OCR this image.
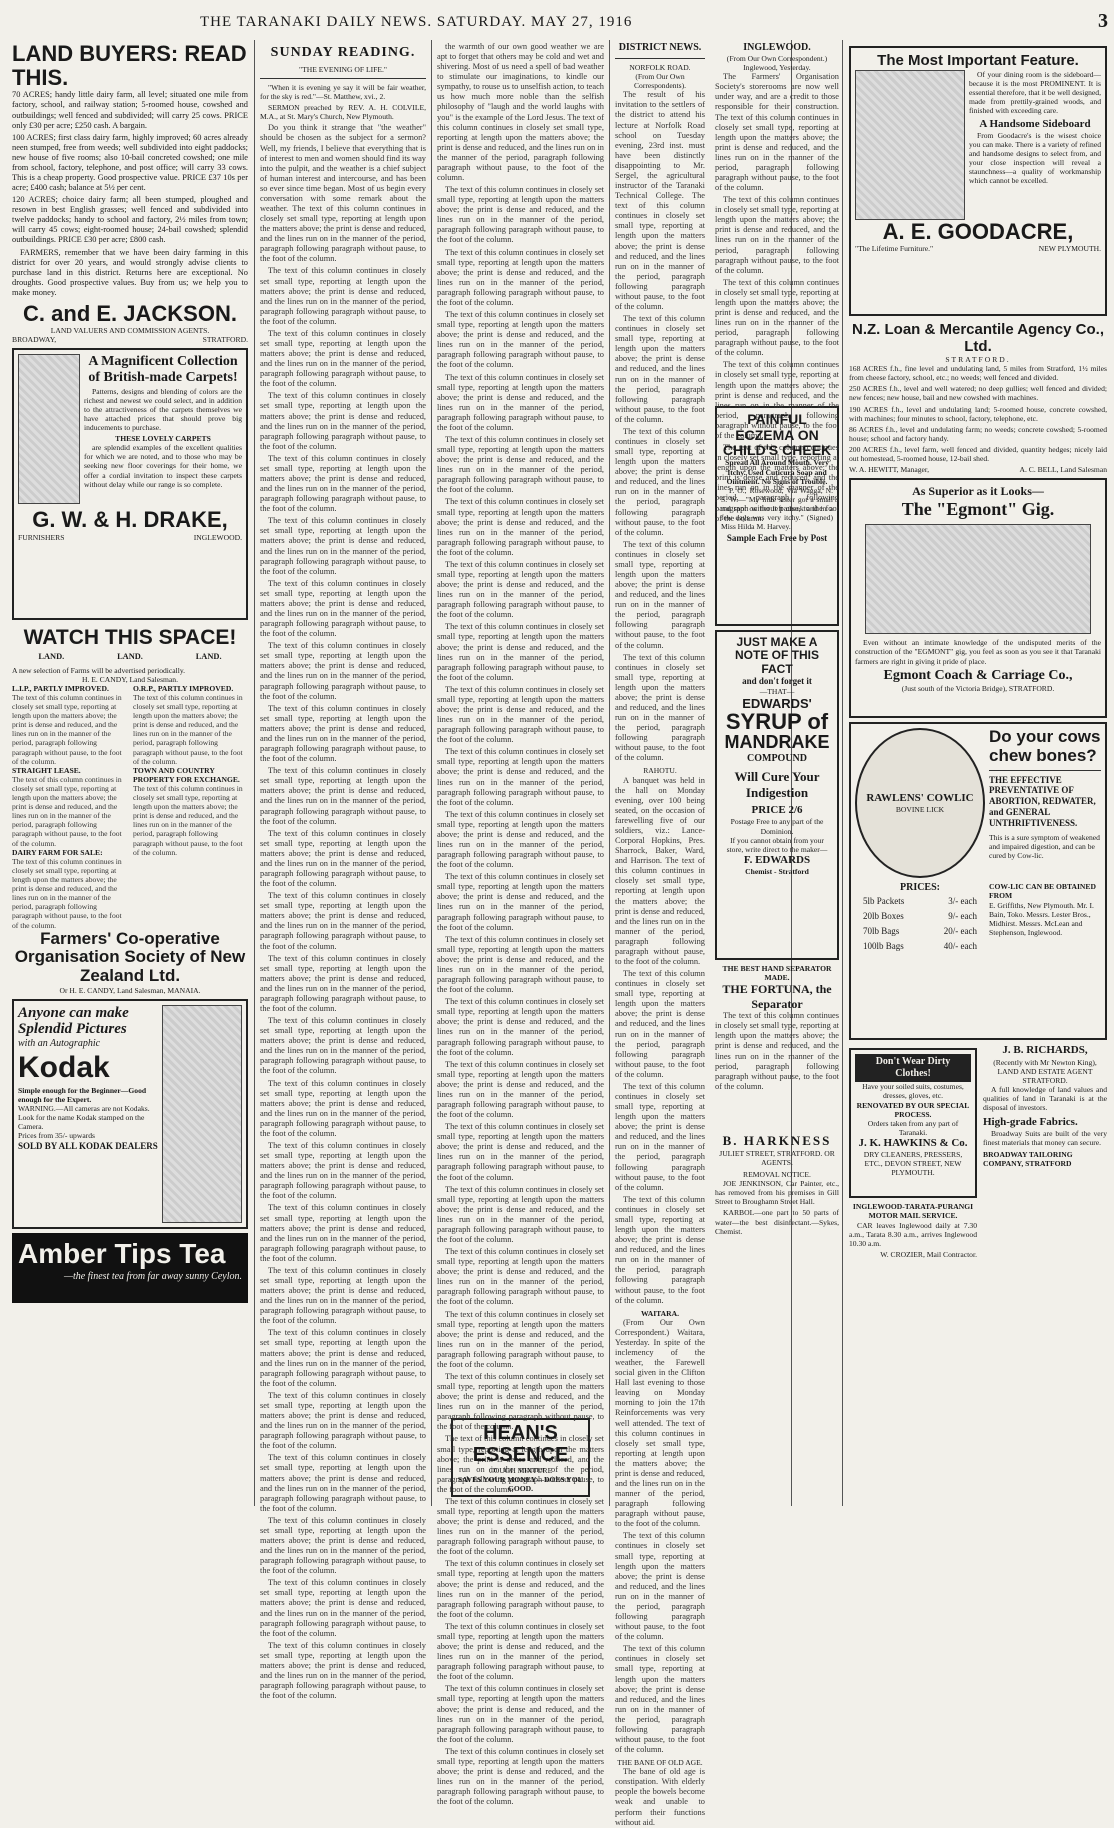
THE TARANAKI DAILY NEWS. SATURDAY. MAY 27, 1916	3
LAND BUYERS: READ THIS.
70 ACRES; handy little dairy farm, all level; situated one mile from factory, school, and railway station; 5-roomed house, cowshed and outbuildings; well fenced and subdivided; will carry 25 cows. PRICE only £30 per acre; £250 cash. A bargain.
100 ACRES; first class dairy farm, highly improved; 60 acres already neen stumped, free from weeds; well subdivided into eight paddocks; new house of five rooms; also 10-bail concreted cowshed; one mile from school, factory, telephone, and post office; will carry 33 cows. This is a cheap property. Good prospective value. PRICE £37 10s per acre; £400 cash; balance at 5½ per cent.
120 ACRES; choice dairy farm; all been stumped, ploughed and resown in best English grasses; well fenced and subdivided into twelve paddocks; handy to school and factory, 2½ miles from town; will carry 45 cows; eight-roomed house; 24-bail cowshed; splendid outbuildings. PRICE £30 per acre; £800 cash.
FARMERS, remember that we have been dairy farming in this district for over 20 years, and would strongly advise clients to purchase land in this district. Returns here are exceptional. No droughts. Good prospective values. Buy from us; we help you to make money.
C. and E. JACKSON.
LAND VALUERS AND COMMISSION AGENTS.
BROADWAY,	STRATFORD.
A Magnificent Collection of British-made Carpets!
Patterns, designs and blending of colors are the richest and newest we could select, and in addition to the attractiveness of the carpets themselves we have attached prices that should prove big inducements to purchase.
THESE LOVELY CARPETS
are splendid examples of the excellent qualities for which we are noted, and to those who may be seeking new floor coverings for their home, we offer a cordial invitation to inspect these carpets without delay while our range is so complete.
G. W. & H. DRAKE,
FURNISHERS	INGLEWOOD.
WATCH THIS SPACE!
LAND.	LAND.	LAND.
A new selection of Farms will be advertised periodically.
H. E. CANDY, Land Salesman.
L.I.P., PARTLY IMPROVED.
The text of this column continues in closely set small type, reporting at length upon the matters above; the print is dense and reduced, and the lines run on in the manner of the period, paragraph following paragraph without pause, to the foot of the column.
STRAIGHT LEASE.
The text of this column continues in closely set small type, reporting at length upon the matters above; the print is dense and reduced, and the lines run on in the manner of the period, paragraph following paragraph without pause, to the foot of the column.
DAIRY FARM FOR SALE:
The text of this column continues in closely set small type, reporting at length upon the matters above; the print is dense and reduced, and the lines run on in the manner of the period, paragraph following paragraph without pause, to the foot of the column.
O.R.P., PARTLY IMPROVED.
The text of this column continues in closely set small type, reporting at length upon the matters above; the print is dense and reduced, and the lines run on in the manner of the period, paragraph following paragraph without pause, to the foot of the column.
TOWN AND COUNTRY PROPERTY FOR EXCHANGE.
The text of this column continues in closely set small type, reporting at length upon the matters above; the print is dense and reduced, and the lines run on in the manner of the period, paragraph following paragraph without pause, to the foot of the column.
Farmers' Co-operative Organisation Society of New Zealand Ltd.
Or H. E. CANDY, Land Salesman, MANAIA.
Anyone can make Splendid Pictures
with an Autographic
Kodak
Simple enough for the Beginner—Good enough for the Expert.
WARNING.—All cameras are not Kodaks. Look for the name Kodak stamped on the Camera.
Prices from 35/- upwards
SOLD BY ALL KODAK DEALERS
Amber Tips Tea
—the finest tea from far away sunny Ceylon.
SUNDAY READING.
"THE EVENING OF LIFE."
"When it is evening ye say it will be fair weather, for the sky is red."—St. Matthew, xvi., 2.
SERMON preached by REV. A. H. COLVILE, M.A., at St. Mary's Church, New Plymouth.
Do you think it strange that "the weather" should be chosen as the subject for a sermon? Well, my friends, I believe that everything that is of interest to men and women should find its way into the pulpit, and the weather is a chief subject of human interest and intercourse, and has been so ever since time began. Most of us begin every conversation with some remark about the weather. The text of this column continues in closely set small type, reporting at length upon the matters above; the print is dense and reduced, and the lines run on in the manner of the period, paragraph following paragraph without pause, to the foot of the column.
The text of this column continues in closely set small type, reporting at length upon the matters above; the print is dense and reduced, and the lines run on in the manner of the period, paragraph following paragraph without pause, to the foot of the column.
The text of this column continues in closely set small type, reporting at length upon the matters above; the print is dense and reduced, and the lines run on in the manner of the period, paragraph following paragraph without pause, to the foot of the column.
The text of this column continues in closely set small type, reporting at length upon the matters above; the print is dense and reduced, and the lines run on in the manner of the period, paragraph following paragraph without pause, to the foot of the column.
The text of this column continues in closely set small type, reporting at length upon the matters above; the print is dense and reduced, and the lines run on in the manner of the period, paragraph following paragraph without pause, to the foot of the column.
The text of this column continues in closely set small type, reporting at length upon the matters above; the print is dense and reduced, and the lines run on in the manner of the period, paragraph following paragraph without pause, to the foot of the column.
The text of this column continues in closely set small type, reporting at length upon the matters above; the print is dense and reduced, and the lines run on in the manner of the period, paragraph following paragraph without pause, to the foot of the column.
The text of this column continues in closely set small type, reporting at length upon the matters above; the print is dense and reduced, and the lines run on in the manner of the period, paragraph following paragraph without pause, to the foot of the column.
The text of this column continues in closely set small type, reporting at length upon the matters above; the print is dense and reduced, and the lines run on in the manner of the period, paragraph following paragraph without pause, to the foot of the column.
The text of this column continues in closely set small type, reporting at length upon the matters above; the print is dense and reduced, and the lines run on in the manner of the period, paragraph following paragraph without pause, to the foot of the column.
The text of this column continues in closely set small type, reporting at length upon the matters above; the print is dense and reduced, and the lines run on in the manner of the period, paragraph following paragraph without pause, to the foot of the column.
The text of this column continues in closely set small type, reporting at length upon the matters above; the print is dense and reduced, and the lines run on in the manner of the period, paragraph following paragraph without pause, to the foot of the column.
The text of this column continues in closely set small type, reporting at length upon the matters above; the print is dense and reduced, and the lines run on in the manner of the period, paragraph following paragraph without pause, to the foot of the column.
The text of this column continues in closely set small type, reporting at length upon the matters above; the print is dense and reduced, and the lines run on in the manner of the period, paragraph following paragraph without pause, to the foot of the column.
The text of this column continues in closely set small type, reporting at length upon the matters above; the print is dense and reduced, and the lines run on in the manner of the period, paragraph following paragraph without pause, to the foot of the column.
The text of this column continues in closely set small type, reporting at length upon the matters above; the print is dense and reduced, and the lines run on in the manner of the period, paragraph following paragraph without pause, to the foot of the column.
The text of this column continues in closely set small type, reporting at length upon the matters above; the print is dense and reduced, and the lines run on in the manner of the period, paragraph following paragraph without pause, to the foot of the column.
The text of this column continues in closely set small type, reporting at length upon the matters above; the print is dense and reduced, and the lines run on in the manner of the period, paragraph following paragraph without pause, to the foot of the column.
The text of this column continues in closely set small type, reporting at length upon the matters above; the print is dense and reduced, and the lines run on in the manner of the period, paragraph following paragraph without pause, to the foot of the column.
The text of this column continues in closely set small type, reporting at length upon the matters above; the print is dense and reduced, and the lines run on in the manner of the period, paragraph following paragraph without pause, to the foot of the column.
The text of this column continues in closely set small type, reporting at length upon the matters above; the print is dense and reduced, and the lines run on in the manner of the period, paragraph following paragraph without pause, to the foot of the column.
The text of this column continues in closely set small type, reporting at length upon the matters above; the print is dense and reduced, and the lines run on in the manner of the period, paragraph following paragraph without pause, to the foot of the column.
The text of this column continues in closely set small type, reporting at length upon the matters above; the print is dense and reduced, and the lines run on in the manner of the period, paragraph following paragraph without pause, to the foot of the column.
The text of this column continues in closely set small type, reporting at length upon the matters above; the print is dense and reduced, and the lines run on in the manner of the period, paragraph following paragraph without pause, to the foot of the column.
the warmth of our own good weather we are apt to forget that others may be cold and wet and shivering. Most of us need a spell of bad weather to stimulate our imaginations, to kindle our sympathy, to rouse us to unselfish action, to teach us how much more noble than the selfish philosophy of "laugh and the world laughs with you" is the example of the Lord Jesus. The text of this column continues in closely set small type, reporting at length upon the matters above; the print is dense and reduced, and the lines run on in the manner of the period, paragraph following paragraph without pause, to the foot of the column.
The text of this column continues in closely set small type, reporting at length upon the matters above; the print is dense and reduced, and the lines run on in the manner of the period, paragraph following paragraph without pause, to the foot of the column.
The text of this column continues in closely set small type, reporting at length upon the matters above; the print is dense and reduced, and the lines run on in the manner of the period, paragraph following paragraph without pause, to the foot of the column.
The text of this column continues in closely set small type, reporting at length upon the matters above; the print is dense and reduced, and the lines run on in the manner of the period, paragraph following paragraph without pause, to the foot of the column.
The text of this column continues in closely set small type, reporting at length upon the matters above; the print is dense and reduced, and the lines run on in the manner of the period, paragraph following paragraph without pause, to the foot of the column.
The text of this column continues in closely set small type, reporting at length upon the matters above; the print is dense and reduced, and the lines run on in the manner of the period, paragraph following paragraph without pause, to the foot of the column.
The text of this column continues in closely set small type, reporting at length upon the matters above; the print is dense and reduced, and the lines run on in the manner of the period, paragraph following paragraph without pause, to the foot of the column.
The text of this column continues in closely set small type, reporting at length upon the matters above; the print is dense and reduced, and the lines run on in the manner of the period, paragraph following paragraph without pause, to the foot of the column.
The text of this column continues in closely set small type, reporting at length upon the matters above; the print is dense and reduced, and the lines run on in the manner of the period, paragraph following paragraph without pause, to the foot of the column.
The text of this column continues in closely set small type, reporting at length upon the matters above; the print is dense and reduced, and the lines run on in the manner of the period, paragraph following paragraph without pause, to the foot of the column.
The text of this column continues in closely set small type, reporting at length upon the matters above; the print is dense and reduced, and the lines run on in the manner of the period, paragraph following paragraph without pause, to the foot of the column.
The text of this column continues in closely set small type, reporting at length upon the matters above; the print is dense and reduced, and the lines run on in the manner of the period, paragraph following paragraph without pause, to the foot of the column.
The text of this column continues in closely set small type, reporting at length upon the matters above; the print is dense and reduced, and the lines run on in the manner of the period, paragraph following paragraph without pause, to the foot of the column.
The text of this column continues in closely set small type, reporting at length upon the matters above; the print is dense and reduced, and the lines run on in the manner of the period, paragraph following paragraph without pause, to the foot of the column.
The text of this column continues in closely set small type, reporting at length upon the matters above; the print is dense and reduced, and the lines run on in the manner of the period, paragraph following paragraph without pause, to the foot of the column.
The text of this column continues in closely set small type, reporting at length upon the matters above; the print is dense and reduced, and the lines run on in the manner of the period, paragraph following paragraph without pause, to the foot of the column.
The text of this column continues in closely set small type, reporting at length upon the matters above; the print is dense and reduced, and the lines run on in the manner of the period, paragraph following paragraph without pause, to the foot of the column.
The text of this column continues in closely set small type, reporting at length upon the matters above; the print is dense and reduced, and the lines run on in the manner of the period, paragraph following paragraph without pause, to the foot of the column.
The text of this column continues in closely set small type, reporting at length upon the matters above; the print is dense and reduced, and the lines run on in the manner of the period, paragraph following paragraph without pause, to the foot of the column.
The text of this column continues in closely set small type, reporting at length upon the matters above; the print is dense and reduced, and the lines run on in the manner of the period, paragraph following paragraph without pause, to the foot of the column.
The text of this column continues in closely set small type, reporting at length upon the matters above; the print is dense and reduced, and the lines run on in the manner of the period, paragraph following paragraph without pause, to the foot of the column.
The text of this column continues in closely set small type, reporting at length upon the matters above; the print is dense and reduced, and the lines run on in the manner of the period, paragraph following paragraph without pause, to the foot of the column.
The text of this column continues in closely set small type, reporting at length upon the matters above; the print is dense and reduced, and the lines run on in the manner of the period, paragraph following paragraph without pause, to the foot of the column.
The text of this column continues in closely set small type, reporting at length upon the matters above; the print is dense and reduced, and the lines run on in the manner of the period, paragraph following paragraph without pause, to the foot of the column.
The text of this column continues in closely set small type, reporting at length upon the matters above; the print is dense and reduced, and the lines run on in the manner of the period, paragraph following paragraph without pause, to the foot of the column.
The text of this column continues in closely set small type, reporting at length upon the matters above; the print is dense and reduced, and the lines run on in the manner of the period, paragraph following paragraph without pause, to the foot of the column.
The text of this column continues in closely set small type, reporting at length upon the matters above; the print is dense and reduced, and the lines run on in the manner of the period, paragraph following paragraph without pause, to the foot of the column.
HEAN'S ESSENCE
COUGH MIXTURE
SAVES YOUR MONEY—DOES YOU GOOD.
DISTRICT NEWS.
NORFOLK ROAD.
(From Our Own Correspondents).
The result of his invitation to the settlers of the district to attend his lecture at Norfolk Road school on Tuesday evening, 23rd inst. must have been distinctly disappointing to Mr. Sergel, the agricultural instructor of the Taranaki Technical College. The text of this column continues in closely set small type, reporting at length upon the matters above; the print is dense and reduced, and the lines run on in the manner of the period, paragraph following paragraph without pause, to the foot of the column.
The text of this column continues in closely set small type, reporting at length upon the matters above; the print is dense and reduced, and the lines run on in the manner of the period, paragraph following paragraph without pause, to the foot of the column.
The text of this column continues in closely set small type, reporting at length upon the matters above; the print is dense and reduced, and the lines run on in the manner of the period, paragraph following paragraph without pause, to the foot of the column.
The text of this column continues in closely set small type, reporting at length upon the matters above; the print is dense and reduced, and the lines run on in the manner of the period, paragraph following paragraph without pause, to the foot of the column.
The text of this column continues in closely set small type, reporting at length upon the matters above; the print is dense and reduced, and the lines run on in the manner of the period, paragraph following paragraph without pause, to the foot of the column.
RAHOTU.
A banquet was held in the hall on Monday evening, over 100 being seated, on the occasion of farewelling five of our soldiers, viz.: Lance-Corporal Hopkins, Pres. Sharrock, Baker, Ward, and Harrison. The text of this column continues in closely set small type, reporting at length upon the matters above; the print is dense and reduced, and the lines run on in the manner of the period, paragraph following paragraph without pause, to the foot of the column.
The text of this column continues in closely set small type, reporting at length upon the matters above; the print is dense and reduced, and the lines run on in the manner of the period, paragraph following paragraph without pause, to the foot of the column.
The text of this column continues in closely set small type, reporting at length upon the matters above; the print is dense and reduced, and the lines run on in the manner of the period, paragraph following paragraph without pause, to the foot of the column.
The text of this column continues in closely set small type, reporting at length upon the matters above; the print is dense and reduced, and the lines run on in the manner of the period, paragraph following paragraph without pause, to the foot of the column.
WAITARA.
(From Our Own Correspondent.) Waitara, Yesterday. In spite of the inclemency of the weather, the Farewell social given in the Clifton Hall last evening to those leaving on Monday morning to join the 17th Reinforcements was very well attended. The text of this column continues in closely set small type, reporting at length upon the matters above; the print is dense and reduced, and the lines run on in the manner of the period, paragraph following paragraph without pause, to the foot of the column.
The text of this column continues in closely set small type, reporting at length upon the matters above; the print is dense and reduced, and the lines run on in the manner of the period, paragraph following paragraph without pause, to the foot of the column.
The text of this column continues in closely set small type, reporting at length upon the matters above; the print is dense and reduced, and the lines run on in the manner of the period, paragraph following paragraph without pause, to the foot of the column.
THE BANE OF OLD AGE.
The bane of old age is constipation. With elderly people the bowels become weak and unable to perform their functions without aid.
INGLEWOOD.
(From Our Own Correspondent.) Inglewood, Yesterday.
The Farmers' Organisation Society's storerooms are now well under way, and are a credit to those responsible for their construction. The text of this column continues in closely set small type, reporting at length upon the matters above; the print is dense and reduced, and the lines run on in the manner of the period, paragraph following paragraph without pause, to the foot of the column.
The text of this column continues in closely set small type, reporting at length upon the matters above; the print is dense and reduced, and the lines run on in the manner of the period, paragraph following paragraph without pause, to the foot of the column.
The text of this column continues in closely set small type, reporting at length upon the matters above; the print is dense and reduced, and the lines run on in the manner of the period, paragraph following paragraph without pause, to the foot of the column.
The text of this column continues in closely set small type, reporting at length upon the matters above; the print is dense and reduced, and the lines run on in the manner of the period, paragraph following paragraph without pause, to the foot of the column.
The text of this column continues in closely set small type, reporting at length upon the matters above; the print is dense and reduced, and the lines run on in the manner of the period, paragraph following paragraph without pause, to the foot of the column.
PAINFUL ECZEMA ON CHILD'S CHEEK
Spread All Around Mouth. Very Itchy. Used Cuticura Soap and Ointment. No Signs of Trouble.
P. O., Rosewood, Via Wagga, N. S. W.—"My little sister got a small red spot on her left cheek and in a few days was very itchy." (Signed) Miss Hilda M. Harvey.
Sample Each Free by Post
JUST MAKE A NOTE OF THIS FACT
and don't forget it
—THAT—
EDWARDS'
SYRUP of
MANDRAKE
COMPOUND
Will Cure Your Indigestion
PRICE 2/6
Postage Free to any part of the Dominion.
If you cannot obtain from your store, write direct to the maker—
F. EDWARDS
Chemist - Stratford
THE BEST HAND SEPARATOR MADE.
THE FORTUNA, the Separator
The text of this column continues in closely set small type, reporting at length upon the matters above; the print is dense and reduced, and the lines run on in the manner of the period, paragraph following paragraph without pause, to the foot of the column.
B. HARKNESS
JULIET STREET, STRATFORD. OR AGENTS.
REMOVAL NOTICE.
JOE JENKINSON, Car Painter, etc., has removed from his premises in Gill Street to Broughamn Street Hall.
KARBOL—one part to 50 parts of water—the best disinfectant.—Sykes, Chemist.
The Most Important Feature.
Of your dining room is the sideboard—because it is the most PROMINENT. It is essential therefore, that it be well designed, made from prettily-grained woods, and finished with exceeding care.
A Handsome Sideboard
From Goodacre's is the wisest choice you can make. There is a variety of refined and handsome designs to select from, and your close inspection will reveal a staunchness—a quality of workmanship which cannot be excelled.
A. E. GOODACRE,
"The Lifetime Furniture."	NEW PLYMOUTH.
N.Z. Loan & Mercantile Agency Co., Ltd.
STRATFORD.
168 ACRES f.h., fine level and undulating land, 5 miles from Stratford, 1½ miles from cheese factory, school, etc.; no weeds; well fenced and divided.
250 ACRES f.h., level and well watered; no deep gullies; well fenced and divided; new fences; new house, bail and new cowshed with machines.
190 ACRES f.h., level and undulating land; 5-roomed house, concrete cowshed, with machines; four minutes to school, factory, telephone, etc.
86 ACRES f.h., level and undulating farm; no weeds; concrete cowshed; 5-roomed house; school and factory handy.
200 ACRES f.h., level farm, well fenced and divided, quantity hedges; nicely laid out homestead, 5-roomed house, 12-bail shed.
W. A. HEWITT, Manager,	A. C. BELL, Land Salesman
As Superior as it Looks—
The "Egmont" Gig.
Even without an intimate knowledge of the undisputed merits of the construction of the "EGMONT" gig, you feel as soon as you see it that Taranaki farmers are right in giving it pride of place.
Egmont Coach & Carriage Co.,
(Just south of the Victoria Bridge), STRATFORD.
RAWLENS' COWLIC
BOVINE LICK
Do your cows chew bones?
THE EFFECTIVE PREVENTATIVE OF ABORTION, REDWATER, and GENERAL UNTHRIFTIVENESS.
This is a sure symptom of weakened and impaired digestion, and can be cured by Cow-lic.
PRICES:
5lb Packets	3/- each
20lb Boxes	9/- each
70lb Bags	20/- each
100lb Bags	40/- each
COW-LIC CAN BE OBTAINED FROM
E. Griffiths, New Plymouth. Mr. I. Bain, Toko. Messrs. Lester Bros., Midhirst. Messrs. McLean and Stephenson, Inglewood.
Don't Wear Dirty Clothes!
Have your soiled suits, costumes, dresses, gloves, etc.
RENOVATED BY OUR SPECIAL PROCESS.
Orders taken from any part of Taranaki.
J. K. HAWKINS & Co.
DRY CLEANERS, PRESSERS, ETC., DEVON STREET, NEW PLYMOUTH.
INGLEWOOD-TARATA-PURANGI MOTOR MAIL SERVICE.
CAR leaves Inglewood daily at 7.30 a.m., Tarata 8.30 a.m., arrives Inglewood 10.30 a.m.
W. CROZIER, Mail Contractor.
J. B. RICHARDS,
(Recently with Mr Newton King), LAND AND ESTATE AGENT STRATFORD.
A full knowledge of land values and qualities of land in Taranaki is at the disposal of investors.
High-grade Fabrics.
Broadway Suits are built of the very finest materials that money can secure.
BROADWAY TAILORING COMPANY, STRATFORD
